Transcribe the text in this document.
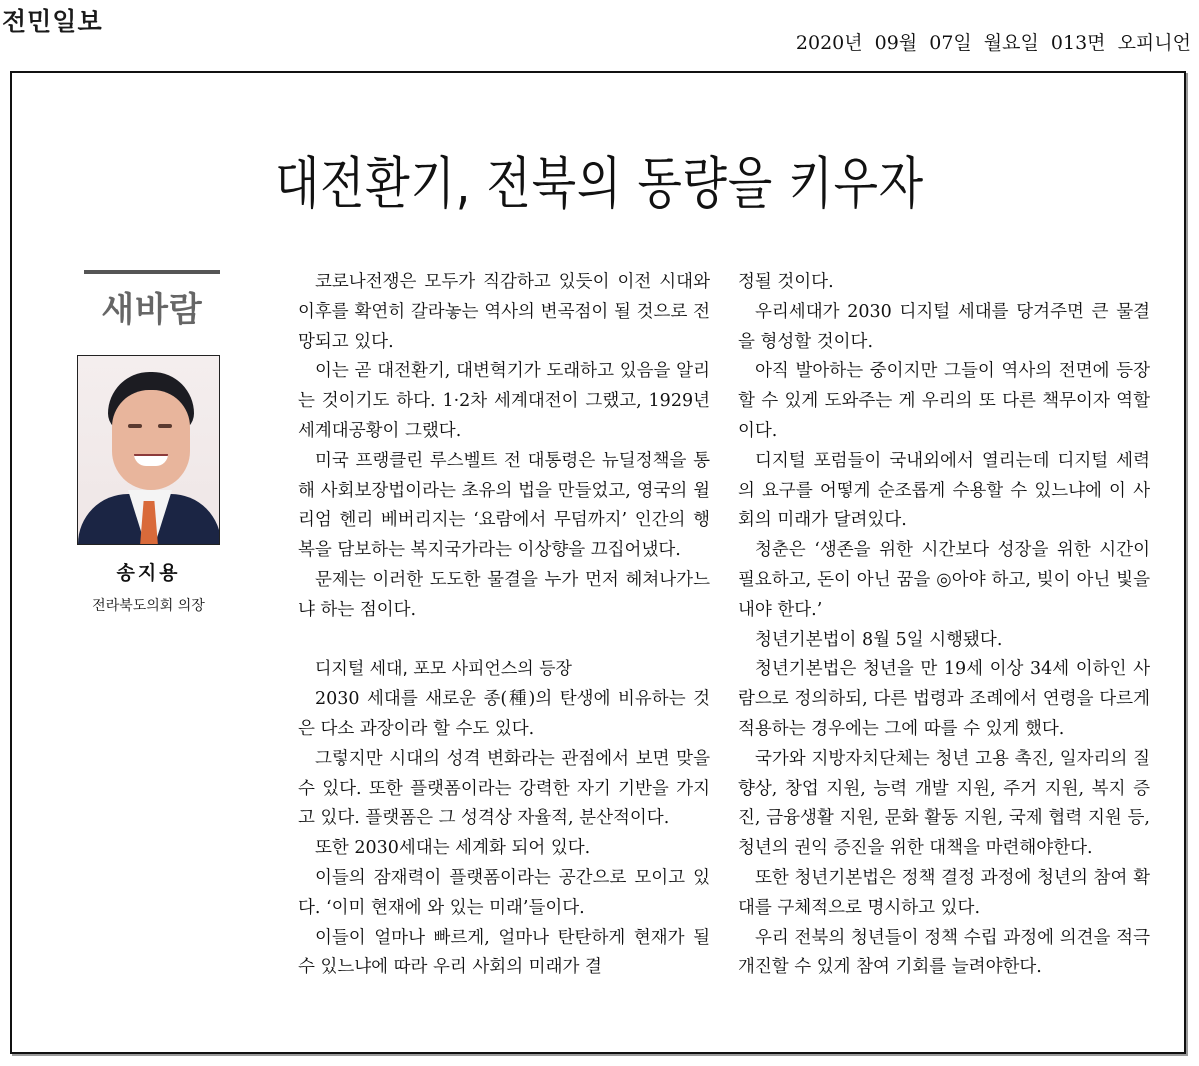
전민일보
2020년 09월 07일 월요일 013면 오피니언
대전환기, 전북의 동량을 키우자
새바람
송지용
전라북도의회 의장

코로나전쟁은 모두가 직감하고 있듯이 이전 시대와 이후를 확연히 갈라놓는 역사의 변곡점이 될 것으로 전망되고 있다.

이는 곧 대전환기, 대변혁기가 도래하고 있음을 알리는 것이기도 하다. 1·2차 세계대전이 그랬고, 1929년 세계대공황이 그랬다.

미국 프랭클린 루스벨트 전 대통령은 뉴딜정책을 통해 사회보장법이라는 초유의 법을 만들었고, 영국의 윌리엄 헨리 베버리지는 ‘요람에서 무덤까지’ 인간의 행복을 담보하는 복지국가라는 이상향을 끄집어냈다.

문제는 이러한 도도한 물결을 누가 먼저 헤쳐나가느냐 하는 점이다.

디지털 세대, 포모 사피언스의 등장

2030 세대를 새로운 종(種)의 탄생에 비유하는 것은 다소 과장이라 할 수도 있다.

그렇지만 시대의 성격 변화라는 관점에서 보면 맞을 수 있다. 또한 플랫폼이라는 강력한 자기 기반을 가지고 있다. 플랫폼은 그 성격상 자율적, 분산적이다.

또한 2030세대는 세계화 되어 있다.

이들의 잠재력이 플랫폼이라는 공간으로 모이고 있다. ‘이미 현재에 와 있는 미래’들이다.

이들이 얼마나 빠르게, 얼마나 탄탄하게 현재가 될 수 있느냐에 따라 우리 사회의 미래가 결

정될 것이다.

우리세대가 2030 디지털 세대를 당겨주면 큰 물결을 형성할 것이다.

아직 발아하는 중이지만 그들이 역사의 전면에 등장할 수 있게 도와주는 게 우리의 또 다른 책무이자 역할이다.

디지털 포럼들이 국내외에서 열리는데 디지털 세력의 요구를 어떻게 순조롭게 수용할 수 있느냐에 이 사회의 미래가 달려있다.

청춘은 ‘생존을 위한 시간보다 성장을 위한 시간이 필요하고, 돈이 아닌 꿈을 ◎아야 하고, 빚이 아닌 빛을 내야 한다.’

청년기본법이 8월 5일 시행됐다.

청년기본법은 청년을 만 19세 이상 34세 이하인 사람으로 정의하되, 다른 법령과 조례에서 연령을 다르게 적용하는 경우에는 그에 따를 수 있게 했다.

국가와 지방자치단체는 청년 고용 촉진, 일자리의 질 향상, 창업 지원, 능력 개발 지원, 주거 지원, 복지 증진, 금융생활 지원, 문화 활동 지원, 국제 협력 지원 등, 청년의 권익 증진을 위한 대책을 마련해야한다.

또한 청년기본법은 정책 결정 과정에 청년의 참여 확대를 구체적으로 명시하고 있다.

우리 전북의 청년들이 정책 수립 과정에 의견을 적극 개진할 수 있게 참여 기회를 늘려야한다.
